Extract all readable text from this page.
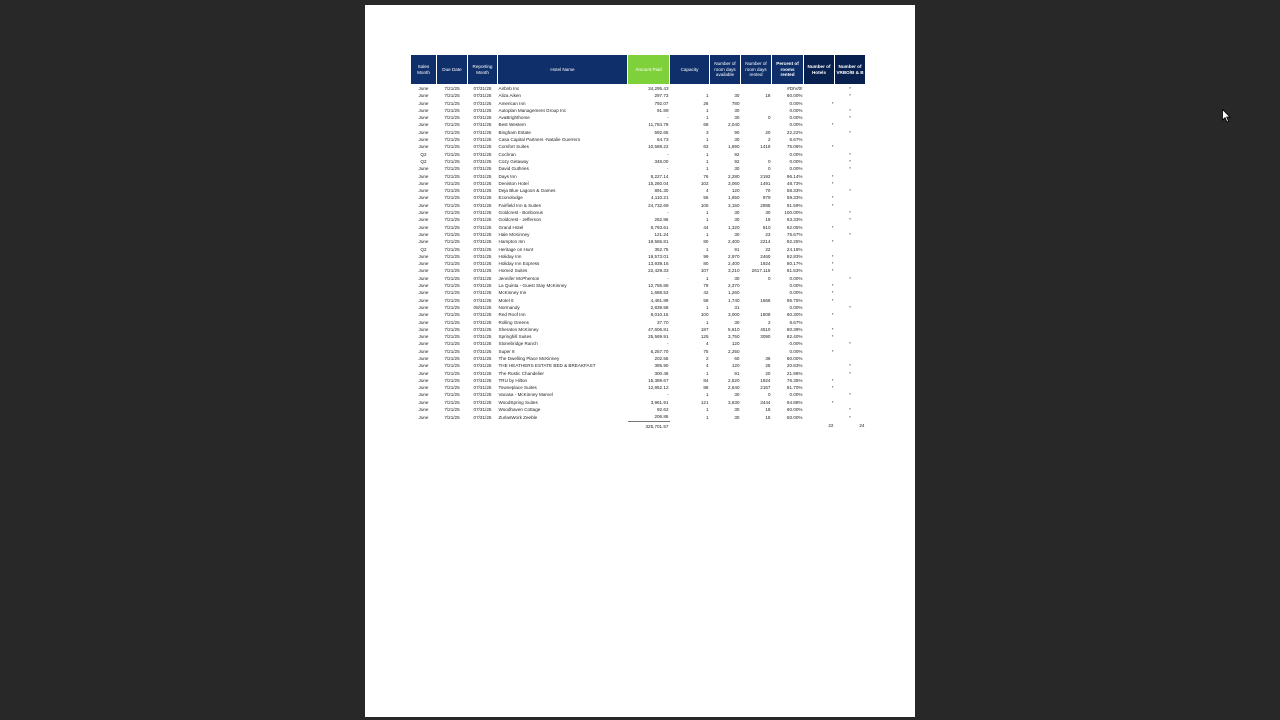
Sales Month	Due Date	Reporting Month	Hotel Name	Amount Paid	Capacity	Number of room days available	Number of room days rented	Percent of rooms rented	Number of Hotels	Number of VRBO/B & B
June	7/21/25	07/31/25	Airbnb Inc	34,295.43				#DIV/0!		*
June	7/21/25	07/31/25	Aliza Aiken	297.73	1	30	18	60.00%		*
June	7/21/25	07/31/25	American Inn	792.07	26	780		0.00%	*	
June	7/21/25	07/31/25	Autoplan Management Group Inc	91.89	1	30		0.00%		*
June	7/21/25	07/31/25	AvaBrighthome	-	1	30	0	0.00%		*
June	7/21/25	07/31/25	Best Western	11,784.79	68	2,040		0.00%	*	
June	7/21/25	07/31/25	Bingham Estate	592.65	3	90	20	22.22%		*
June	7/21/25	07/31/25	Casa Capital Partners -Natalie Guerrero	64.73	1	30	2	6.67%		
June	7/21/25	07/31/25	Comfort Suites	10,588.22	63	1,890	1419	75.08%	*	
Q2	7/21/25	07/31/25	Cochran	-	1	92		0.00%		*
Q2	7/21/25	07/31/25	Cozy Getaway	348.00	1	92	0	0.00%		*
June	7/21/25	07/31/25	David Guthries	-	1	30	0	0.00%		*
June	7/21/25	07/31/25	Days Inn	8,227.14	76	2,280	2192	96.14%	*	
June	7/21/25	07/31/25	Deniston Hotel	15,260.04	102	3,060	1491	48.73%	*	
June	7/21/25	07/31/25	Deja Blue Lagoon & Games	891.30	4	120	70	58.33%		*
June	7/21/25	07/31/25	Econolodge	4,110.21	55	1,650	979	59.33%	*	
June	7/21/25	07/31/25	Fairfield Inn & Suites	24,732.69	105	3,150	2885	91.59%	*	
June	7/21/25	07/31/25	Goldcrest - Bonbonus	-	1	30	30	100.00%		*
June	7/21/25	07/31/25	Goldcrest - Jefferson	262.86	1	30	19	63.33%		*
June	7/21/25	07/31/25	Grand Hotel	8,793.61	44	1,320	810	62.05%	*	
June	7/21/25	07/31/25	Hale McKinney	121.24	1	30	23	76.67%		*
June	7/21/25	07/31/25	Hampton Inn	19,565.81	80	2,400	2214	92.25%	*	
Q2	7/21/25	07/31/25	Heritage on Hunt	352.75	1	91	22	24.18%		
June	7/21/25	07/31/25	Holiday Inn	19,573.01	99	2,970	2460	82.83%	*	
June	7/21/25	07/31/25	Holiday Inn Express	13,939.15	80	2,400	1924	80.17%	*	
June	7/21/25	07/31/25	Home2 Suites	22,429.33	107	3,210	2617.115	81.53%	*	
June	7/21/25	07/31/25	Jennifer McPherson	-	1	30	0	0.00%		*
June	7/21/25	07/31/25	La Quinta - Guest Stay McKinney	12,755.88	79	2,370		0.00%	*	
June	7/21/25	07/31/25	McKinney Inn	1,688.53	42	1,260		0.00%	*	
June	7/21/25	07/31/25	Motel 6	4,481.89	58	1,740	1666	95.75%	*	
June	7/21/25	08/31/25	Normandy	2,839.58	1	31		0.00%		*
June	7/21/25	07/31/25	Red Roof Inn	8,010.15	100	3,000	1809	60.30%	*	
June	7/21/25	07/31/25	Rolling Greens	37.70	1	30	2	6.67%		
June	7/21/25	07/31/25	Sheraton McKinney	47,606.81	187	5,610	4510	80.39%	*	
June	7/21/25	07/31/25	Springhill Suites	25,569.91	125	3,750	3090	82.40%	*	
June	7/21/25	07/31/25	Stonebridge Ranch	-	4	120		0.00%		*
June	7/21/25	07/31/25	Super 8	6,257.70	75	2,250		0.00%	*	
June	7/21/25	07/31/25	The Dwelling Place McKinney	202.55	2	60	36	60.00%		
June	7/21/25	07/31/25	THE HEATHERS ESTATE BED & BREAKFAST	385.90	4	120	25	20.83%		*
June	7/21/25	07/31/25	The Rustic Chandelier	300.48	1	91	20	21.98%		*
June	7/21/25	07/31/25	TRU by Hilton	15,389.67	84	2,520	1924	76.35%	*	
June	7/21/25	07/31/25	Towneplace Suites	12,852.12	88	2,640	2157	81.70%	*	
June	7/21/25	07/31/25	Vacasa - McKinney Marvel	-	1	30	0	0.00%		*
June	7/21/25	07/31/25	WoodSpring Suites	3,961.91	121	3,630	3444	94.88%	*	
June	7/21/25	07/31/25	Woodhaven Cottage	92.62	1	30	18	60.00%		*
June	7/21/25	07/31/25	ZurlasWork Zeeble	206.86	1	30	15	50.00%		*
				325,701.57					22	24
